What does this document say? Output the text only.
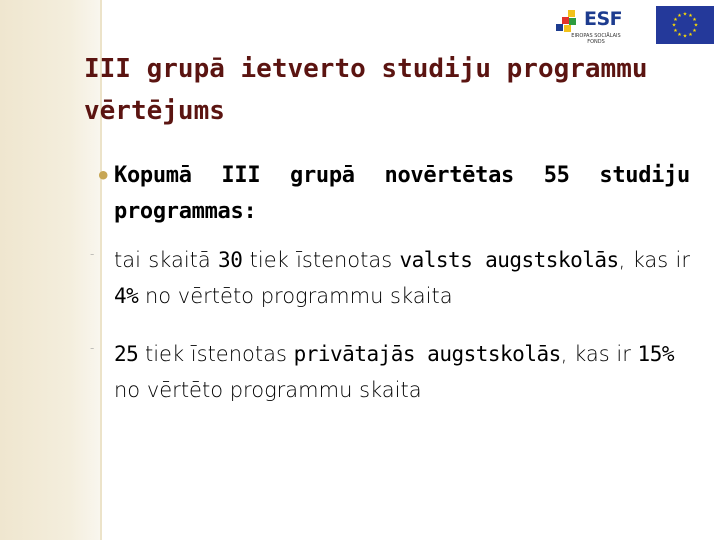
ESF
EIROPAS SOCIĀLAIS FONDS
★ ★
★
★
★
★
★
★
★
★
★
★
III grupā ietverto studiju programmu vērtējums
• Kopumā III grupā novērtētas 55 studiju programmas:
- tai skaitā 30 tiek īstenotas valsts augstskolās, kas ir 4% no vērtēto programmu skaita
- 25 tiek īstenotas privātajās augstskolās, kas ir 15% no vērtēto programmu skaita
